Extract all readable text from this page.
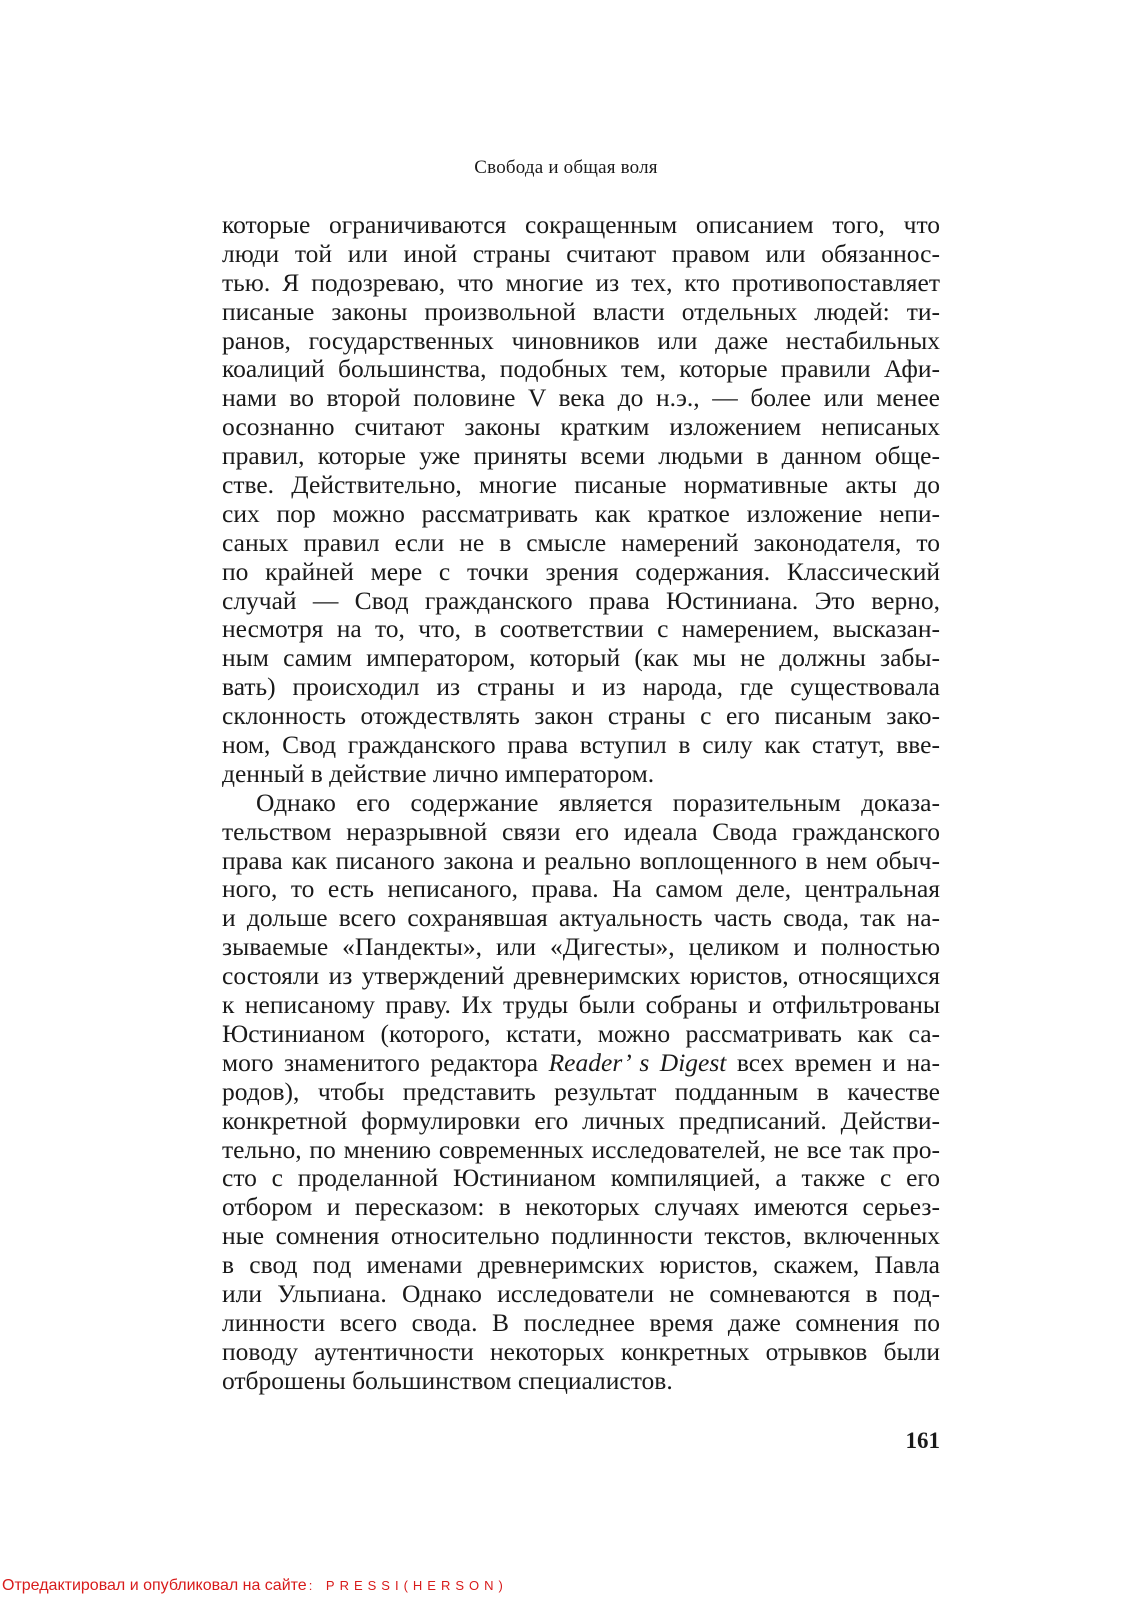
Свобода и общая воля
которые ограничиваются сокращенным описанием того, что
люди той или иной страны считают правом или обязаннос-
тью. Я подозреваю, что многие из тех, кто противопоставляет
писаные законы произвольной власти отдельных людей: ти-
ранов, государственных чиновников или даже нестабильных
коалиций большинства, подобных тем, которые правили Афи-
нами во второй половине V века до н.э., — более или менее
осознанно считают законы кратким изложением неписаных
правил, которые уже приняты всеми людьми в данном обще-
стве. Действительно, многие писаные нормативные акты до
сих пор можно рассматривать как краткое изложение непи-
саных правил если не в смысле намерений законодателя, то
по крайней мере с точки зрения содержания. Классический
случай — Свод гражданского права Юстиниана. Это верно,
несмотря на то, что, в соответствии с намерением, высказан-
ным самим императором, который (как мы не должны забы-
вать) происходил из страны и из народа, где существовала
склонность отождествлять закон страны с его писаным зако-
ном, Свод гражданского права вступил в силу как статут, вве-
денный в действие лично императором.
Однако его содержание является поразительным доказа-
тельством неразрывной связи его идеала Свода гражданского
права как писаного закона и реально воплощенного в нем обыч-
ного, то есть неписаного, права. На самом деле, центральная
и дольше всего сохранявшая актуальность часть свода, так на-
зываемые «Пандекты», или «Дигесты», целиком и полностью
состояли из утверждений древнеримских юристов, относящихся
к неписаному праву. Их труды были собраны и отфильтрованы
Юстинианом (которого, кстати, можно рассматривать как са-
мого знаменитого редактора Reader’ s Digest всех времен и на-
родов), чтобы представить результат подданным в качестве
конкретной формулировки его личных предписаний. Действи-
тельно, по мнению современных исследователей, не все так про-
сто с проделанной Юстинианом компиляцией, а также с его
отбором и пересказом: в некоторых случаях имеются серьез-
ные сомнения относительно подлинности текстов, включенных
в свод под именами древнеримских юристов, скажем, Павла
или Ульпиана. Однако исследователи не сомневаются в под-
линности всего свода. В последнее время даже сомнения по
поводу аутентичности некоторых конкретных отрывков были
отброшены большинством специалистов.
161
Отредактировал и опубликовал на сайте : PRESSI(HERSON)
